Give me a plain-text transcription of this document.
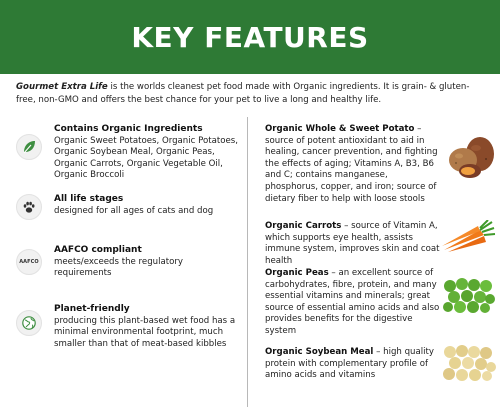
KEY FEATURES

Gourmet Extra Life is the worlds cleanest pet food made with Organic ingredients. It is grain- & gluten-free, non-GMO and offers the best chance for your pet to live a long and healthy life.

Contains Organic Ingredients
Organic Sweet Potatoes, Organic Potatoes, Organic Soybean Meal, Organic Peas, Organic Carrots, Organic Vegetable Oil, Organic Broccoli
All life stages
designed for all ages of cats and dog
AAFCO
AAFCO compliant
meets/exceeds the regulatory requirements
Planet-friendly
producing this plant-based wet food has a minimal environmental footprint, much smaller than that of meat-based kibbles
Organic Whole & Sweet Potato – source of potent antioxidant to aid in healing, cancer prevention, and fighting the effects of aging; Vitamins A, B3, B6 and C; contains manganese, phosphorus, copper, and iron; source of dietary fiber to help with loose stools
Organic Carrots – source of Vitamin A, which supports eye health, assists immune system, improves skin and coat health
Organic Peas – an excellent source of carbohydrates, fibre, protein, and many essential vitamins and minerals; great source of essential amino acids and also provides benefits for the digestive system
Organic Soybean Meal – high quality protein with complementary profile of amino acids and vitamins
